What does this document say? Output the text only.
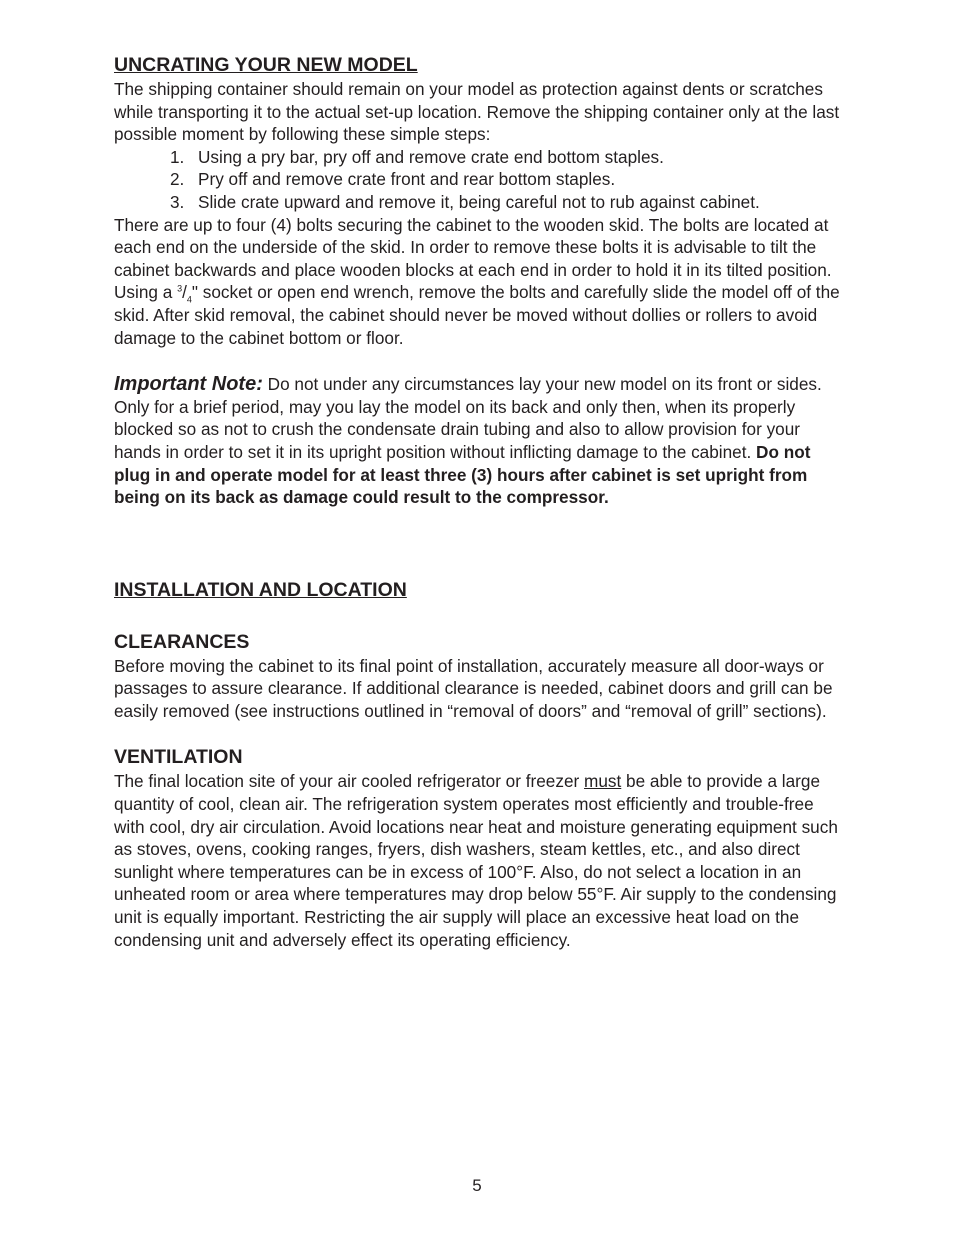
UNCRATING YOUR NEW MODEL

The shipping container should remain on your model as protection against dents or scratches while transporting it to the actual set-up location. Remove the shipping container only at the last possible moment by following these simple steps:

1. Using a pry bar, pry off and remove crate end bottom staples.
2. Pry off and remove crate front and rear bottom staples.
3. Slide crate upward and remove it, being careful not to rub against cabinet.

There are up to four (4) bolts securing the cabinet to the wooden skid. The bolts are located at each end on the underside of the skid. In order to remove these bolts it is advisable to tilt the cabinet backwards and place wooden blocks at each end in order to hold it in its tilted position. Using a $^3/_4$" socket or open end wrench, remove the bolts and carefully slide the model off of the skid. After skid removal, the cabinet should never be moved without dollies or rollers to avoid damage to the cabinet bottom or floor.

Important Note: Do not under any circumstances lay your new model on its front or sides. Only for a brief period, may you lay the model on its back and only then, when its properly blocked so as not to crush the condensate drain tubing and also to allow provision for your hands in order to set it in its upright position without inflicting damage to the cabinet. Do not plug in and operate model for at least three (3) hours after cabinet is set upright from being on its back as damage could result to the compressor.

INSTALLATION AND LOCATION
CLEARANCES

Before moving the cabinet to its final point of installation, accurately measure all door-ways or passages to assure clearance. If additional clearance is needed, cabinet doors and grill can be easily removed (see instructions outlined in “removal of doors” and “removal of grill” sections).

VENTILATION

The final location site of your air cooled refrigerator or freezer must be able to provide a large quantity of cool, clean air. The refrigeration system operates most efficiently and trouble-free with cool, dry air circulation. Avoid locations near heat and moisture generating equipment such as stoves, ovens, cooking ranges, fryers, dish washers, steam kettles, etc., and also direct sunlight where temperatures can be in excess of 100°F. Also, do not select a location in an unheated room or area where temperatures may drop below 55°F. Air supply to the condensing unit is equally important. Restricting the air supply will place an excessive heat load on the condensing unit and adversely effect its operating efficiency.

5
